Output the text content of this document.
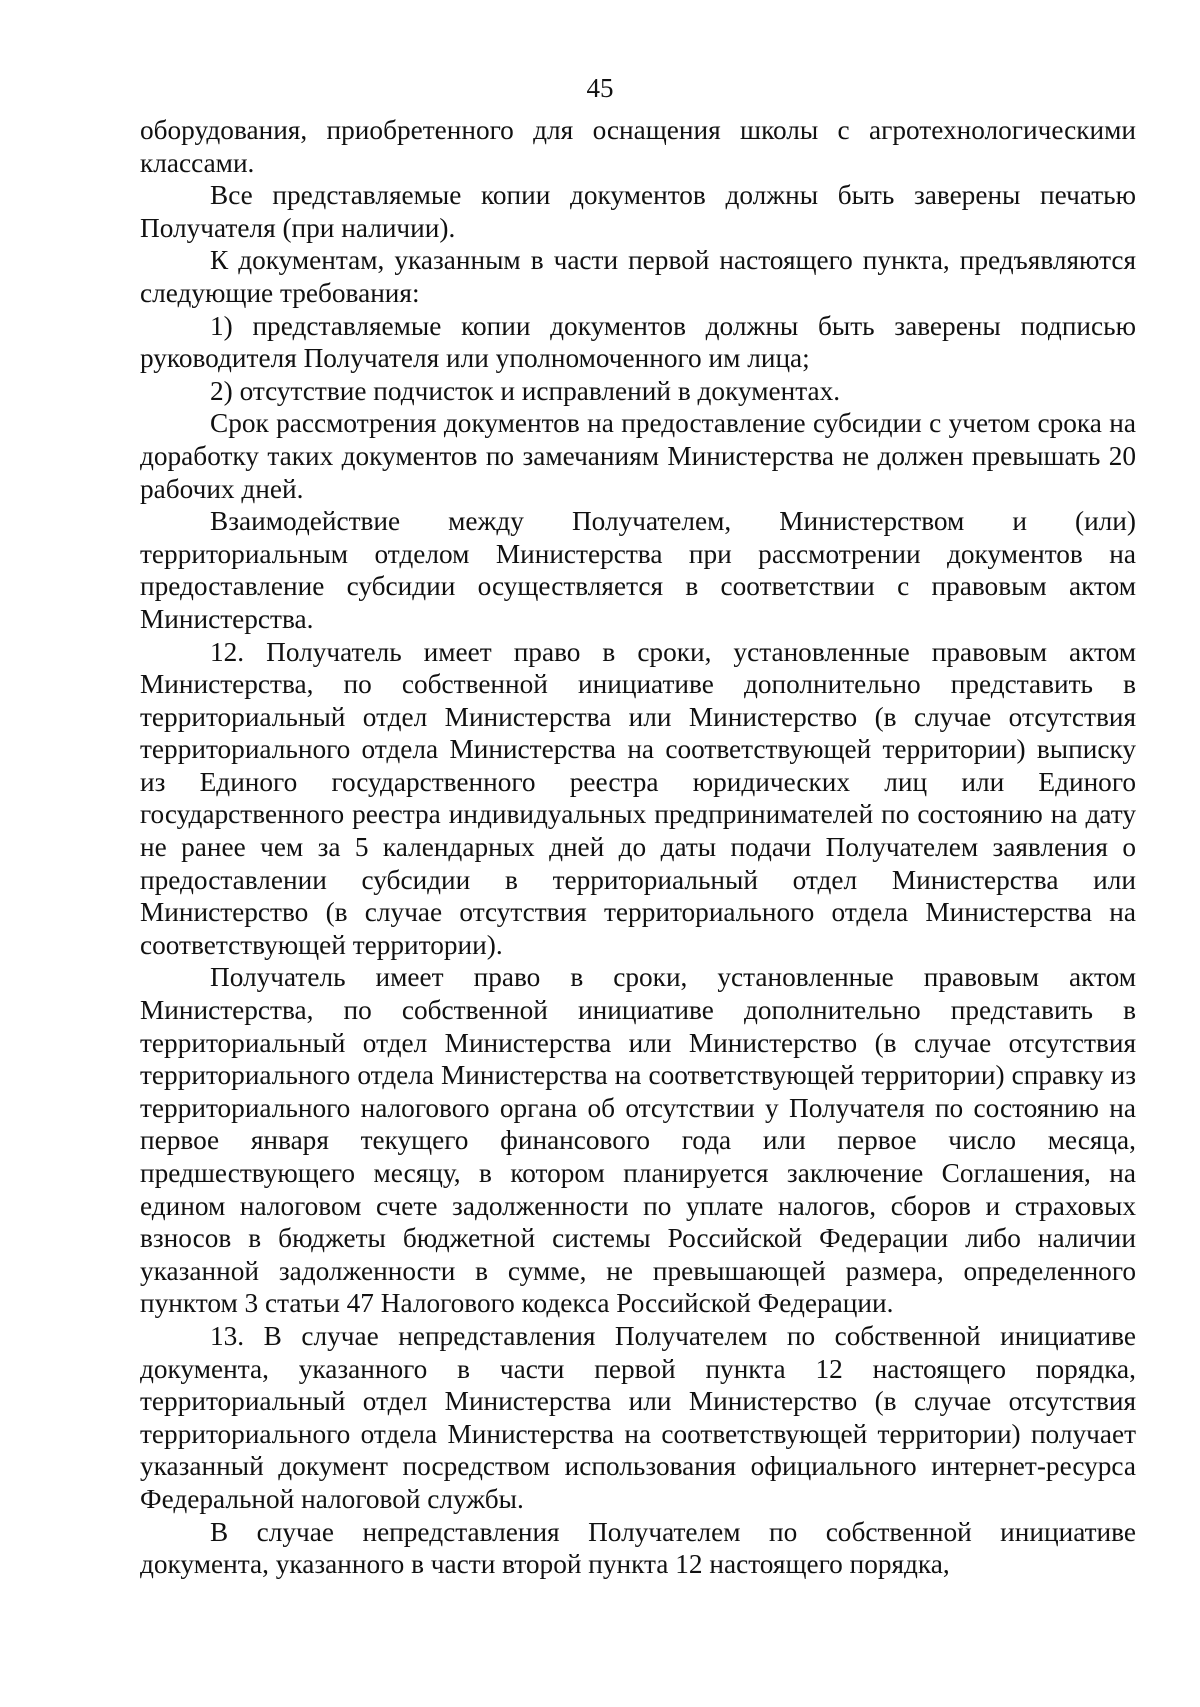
45

оборудования, приобретенного для оснащения школы с агротехнологическими классами.

Все представляемые копии документов должны быть заверены печатью Получателя (при наличии).

К документам, указанным в части первой настоящего пункта, предъявляются следующие требования:

1) представляемые копии документов должны быть заверены подписью руководителя Получателя или уполномоченного им лица;

2) отсутствие подчисток и исправлений в документах.

Срок рассмотрения документов на предоставление субсидии с учетом срока на доработку таких документов по замечаниям Министерства не должен превышать 20 рабочих дней.

Взаимодействие между Получателем, Министерством и (или) территориальным отделом Министерства при рассмотрении документов на предоставление субсидии осуществляется в соответствии с правовым актом Министерства.

12. Получатель имеет право в сроки, установленные правовым актом Министерства, по собственной инициативе дополнительно представить в территориальный отдел Министерства или Министерство (в случае отсутствия территориального отдела Министерства на соответствующей территории) выписку из Единого государственного реестра юридических лиц или Единого государственного реестра индивидуальных предпринимателей по состоянию на дату не ранее чем за 5 календарных дней до даты подачи Получателем заявления о предоставлении субсидии в территориальный отдел Министерства или Министерство (в случае отсутствия территориального отдела Министерства на соответствующей территории).

Получатель имеет право в сроки, установленные правовым актом Министерства, по собственной инициативе дополнительно представить в территориальный отдел Министерства или Министерство (в случае отсутствия территориального отдела Министерства на соответствующей территории) справку из территориального налогового органа об отсутствии у Получателя по состоянию на первое января текущего финансового года или первое число месяца, предшествующего месяцу, в котором планируется заключение Соглашения, на едином налоговом счете задолженности по уплате налогов, сборов и страховых взносов в бюджеты бюджетной системы Российской Федерации либо наличии указанной задолженности в сумме, не превышающей размера, определенного пунктом 3 статьи 47 Налогового кодекса Российской Федерации.

13. В случае непредставления Получателем по собственной инициативе документа, указанного в части первой пункта 12 настоящего порядка, территориальный отдел Министерства или Министерство (в случае отсутствия территориального отдела Министерства на соответствующей территории) получает указанный документ посредством использования официального интернет-ресурса Федеральной налоговой службы.

В случае непредставления Получателем по собственной инициативе документа, указанного в части второй пункта 12 настоящего порядка,
